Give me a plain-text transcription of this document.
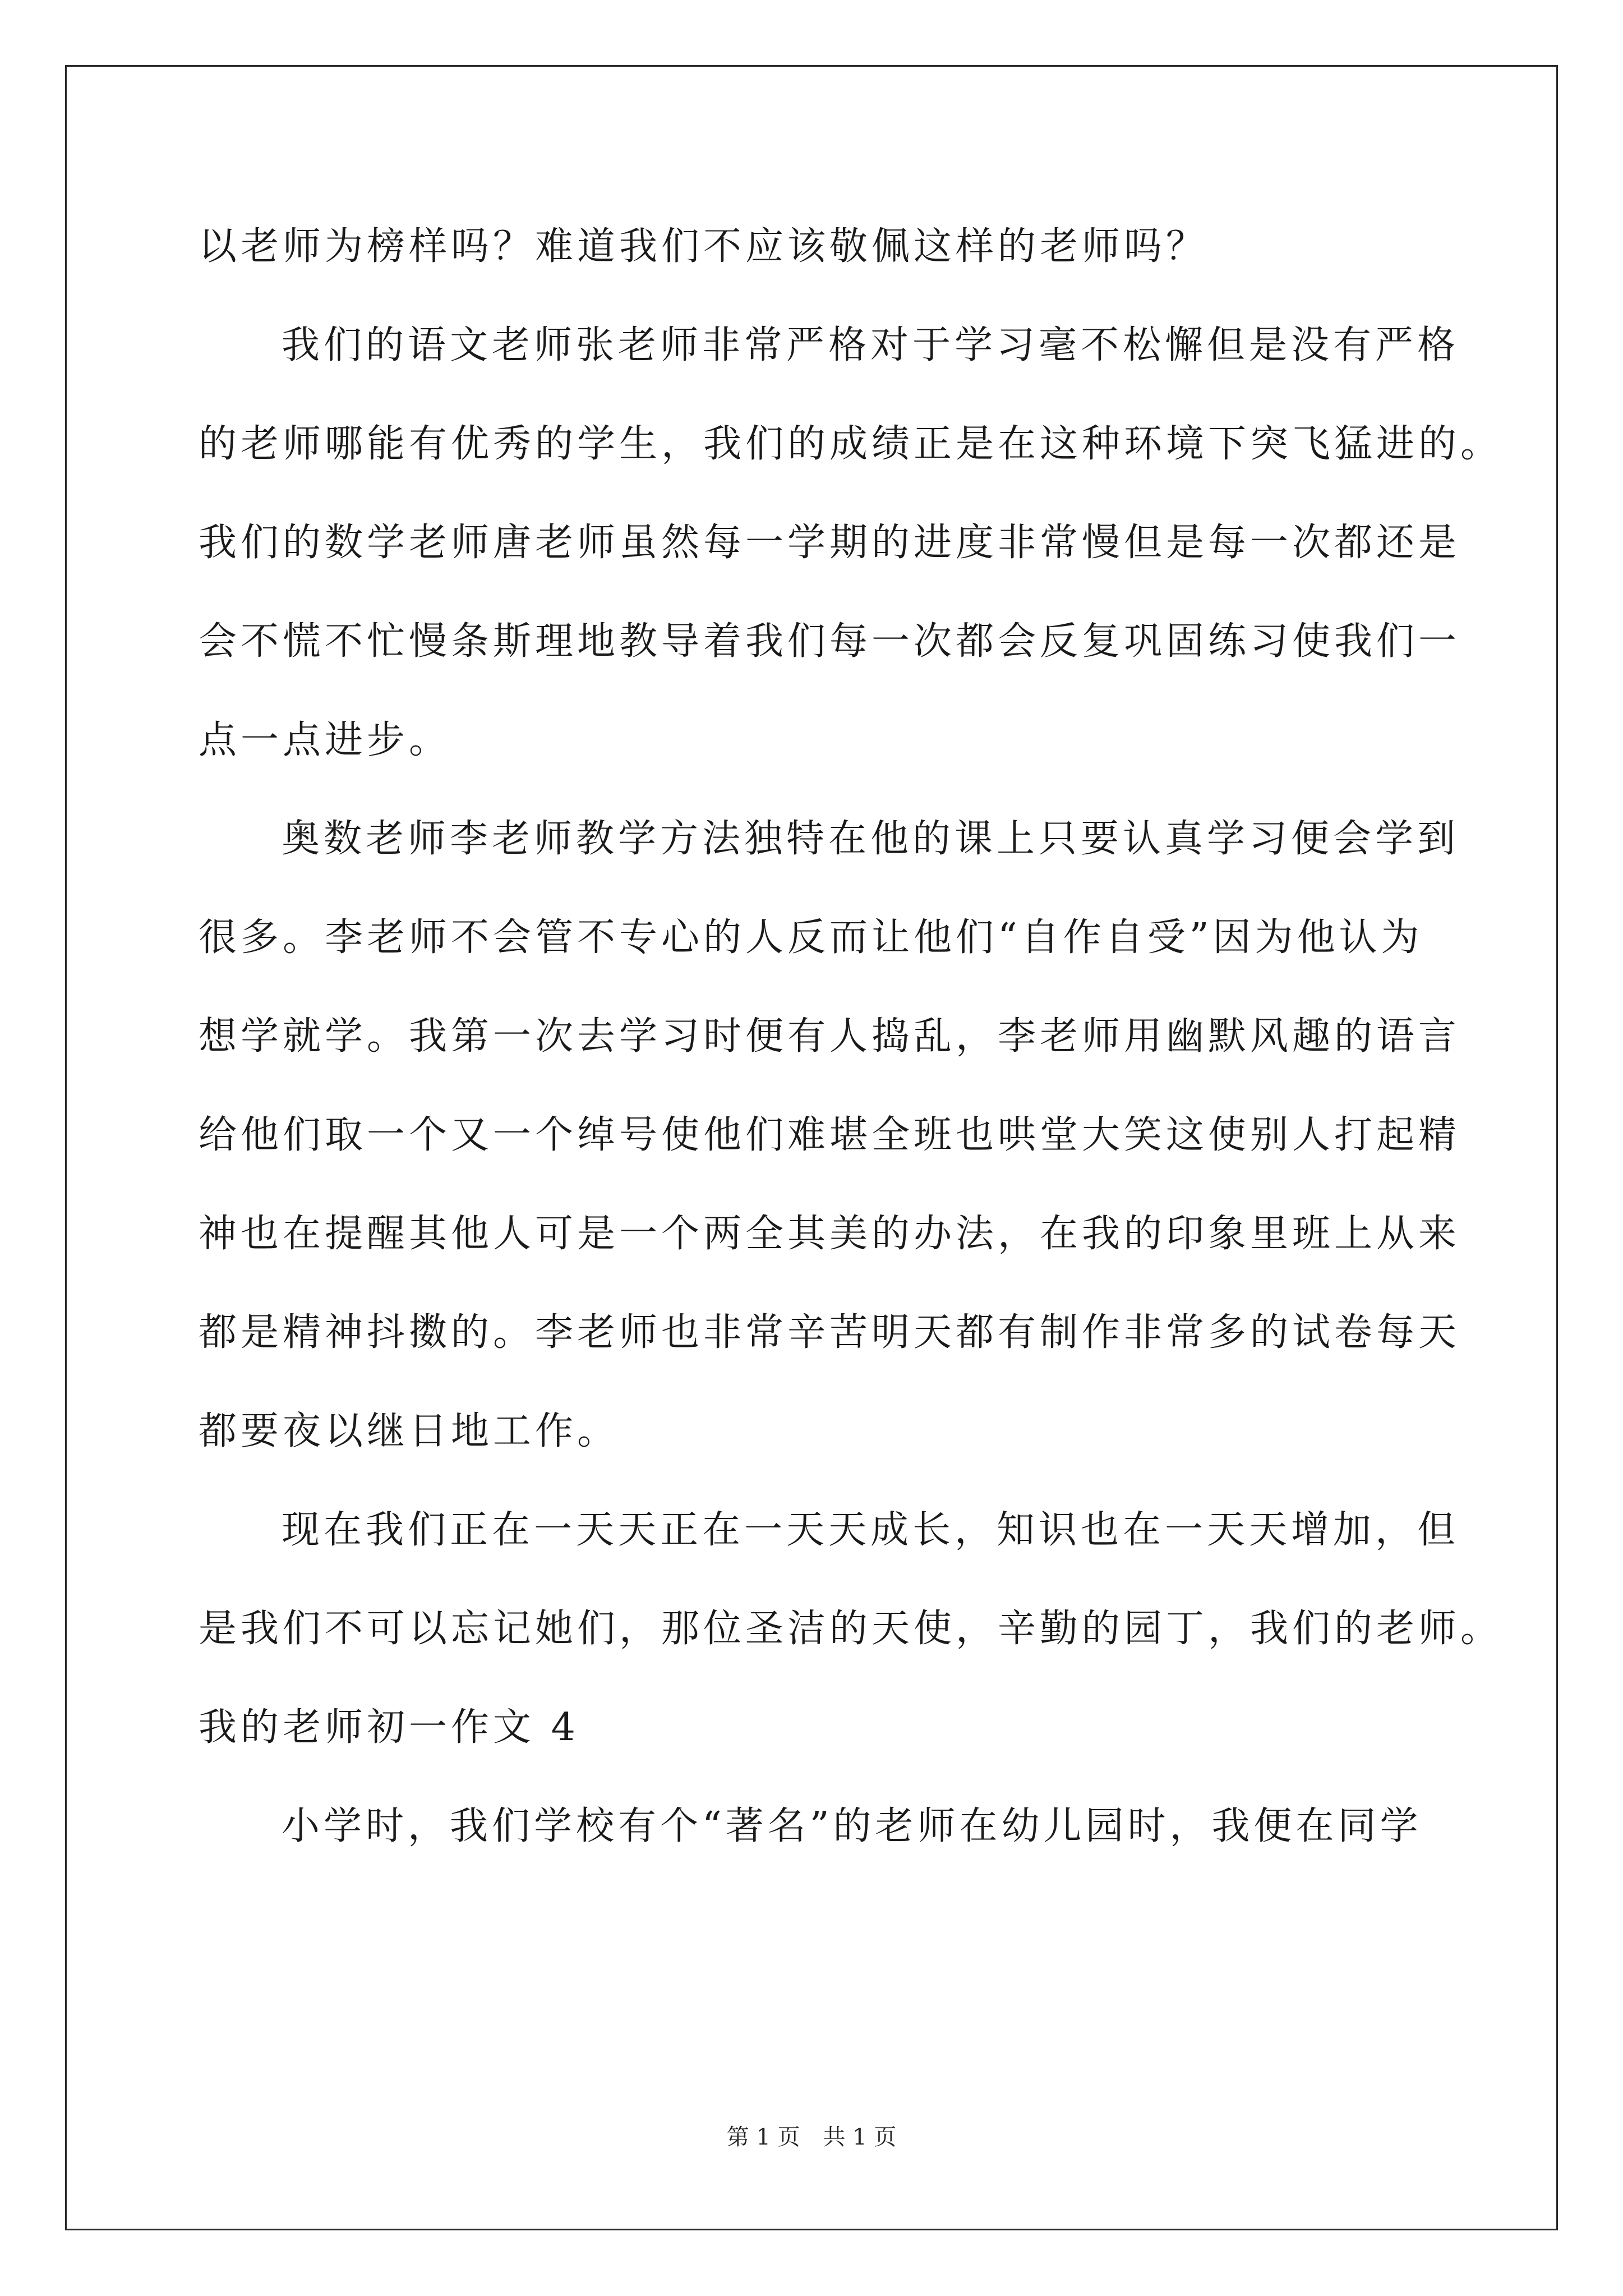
以老师为榜样吗？难道我们不应该敬佩这样的老师吗？
我们的语文老师张老师非常严格对于学习毫不松懈但是没有严格
的老师哪能有优秀的学生，我们的成绩正是在这种环境下突飞猛进的。
我们的数学老师唐老师虽然每一学期的进度非常慢但是每一次都还是
会不慌不忙慢条斯理地教导着我们每一次都会反复巩固练习使我们一
点一点进步。
奥数老师李老师教学方法独特在他的课上只要认真学习便会学到
很多。李老师不会管不专心的人反而让他们“自作自受”因为他认为
想学就学。我第一次去学习时便有人捣乱，李老师用幽默风趣的语言
给他们取一个又一个绰号使他们难堪全班也哄堂大笑这使别人打起精
神也在提醒其他人可是一个两全其美的办法，在我的印象里班上从来
都是精神抖擞的。李老师也非常辛苦明天都有制作非常多的试卷每天
都要夜以继日地工作。
现在我们正在一天天正在一天天成长，知识也在一天天增加，但
是我们不可以忘记她们，那位圣洁的天使，辛勤的园丁，我们的老师。
我的老师初一作文 4
小学时，我们学校有个“著名”的老师在幼儿园时，我便在同学
第 1 页 共 1 页
